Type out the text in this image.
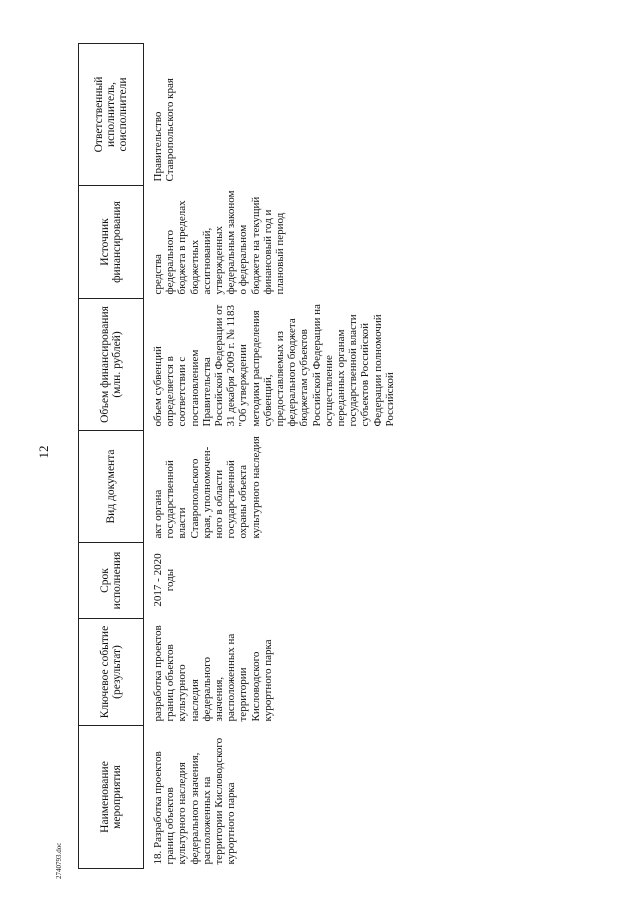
12
Наименование мероприятия	Ключевое событие (результат)	Срок исполнения	Вид документа	Объем финансирования (млн. рублей)	Источник финансирования	Ответственный исполнитель, соисполнители
18. Разработка проектов границ объектов культурного наследия федерального значения, расположенных на территории Кисловодского курортного парка	разработка проектов границ объектов культурного наследия федерального значения, расположенных на территории Кисловодского курортного парка	2017 - 2020 годы	акт органа государственной власти Ставропольского края, уполномочен-ного в области государственной охраны объекта культурного наследия	объем субвенций определяется в соответствии с постановлением Правительства Российской Федерации от 31 декабря 2009 г. № 1183 "Об утверждении методики распределения субвенций, предоставляемых из федерального бюджета бюджетам субъектов Российской Федерации на осуществление переданных органам государственной власти субъектов Российской Федерации полномочий Российской	средства федерального бюджета в пределах бюджетных ассигнований, утвержденных федеральным законом о федеральном бюджете на текущий финансовый год и плановый период	Правительство Ставропольского края
2740793.doc
